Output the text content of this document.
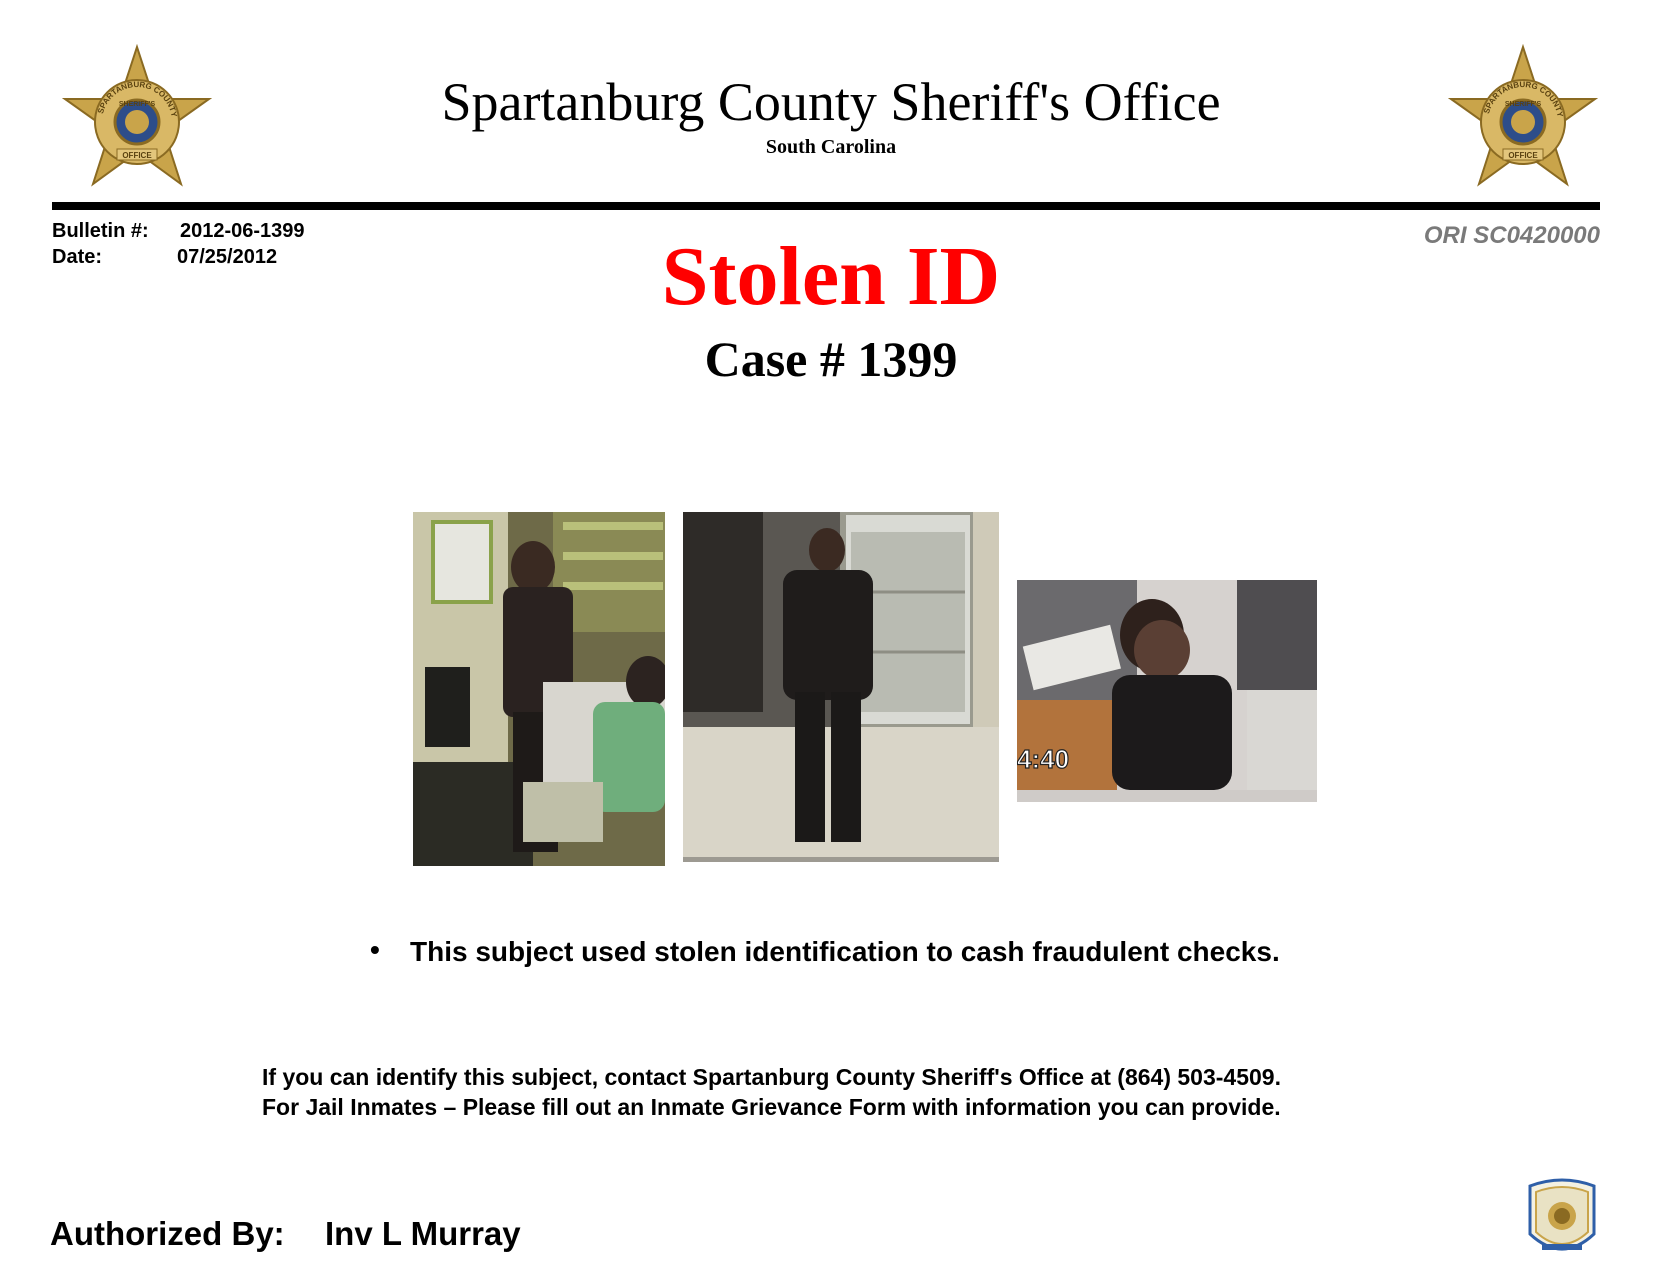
SPARTANBURG COUNTY
SHERIFF'S
OFFICE
SPARTANBURG COUNTY
SHERIFF'S
OFFICE
Spartanburg County Sheriff's Office
South Carolina
Bulletin #: 2012-06-1399
Date:	07/25/2012
ORI SC0420000
Stolen ID
Case # 1399
4:40
• This subject used stolen identification to cash fraudulent checks.
If you can identify this subject, contact Spartanburg County Sheriff's Office at (864) 503-4509.
For Jail Inmates – Please fill out an Inmate Grievance Form with information you can provide.
Authorized By: Inv L Murray
